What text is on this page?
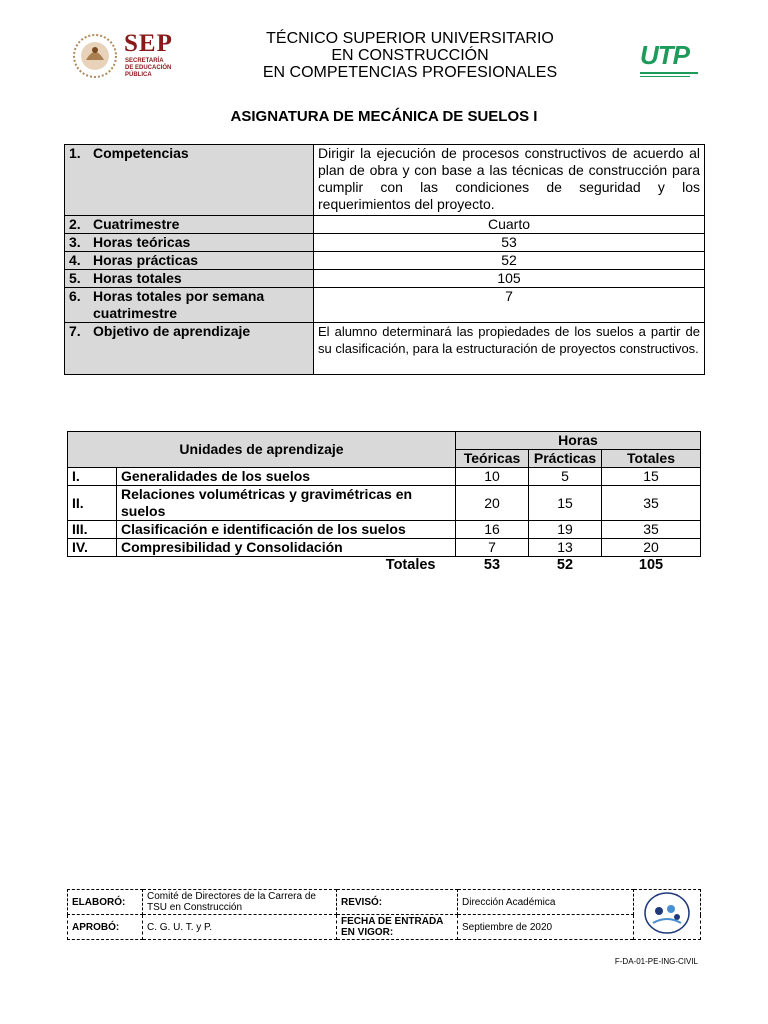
SEP
SECRETARÍA
DE EDUCACIÓN
PÚBLICA
TÉCNICO SUPERIOR UNIVERSITARIO
EN CONSTRUCCIÓN
EN COMPETENCIAS PROFESIONALES
UTP
ASIGNATURA DE MECÁNICA DE SUELOS I
1. Competencias	Dirigir la ejecución de procesos constructivos de acuerdo al plan de obra y con base a las técnicas de construcción para cumplir con las condiciones de seguridad y los requerimientos del proyecto.
2. Cuatrimestre	Cuarto
3. Horas teóricas	53
4. Horas prácticas	52
5. Horas totales	105
6. Horas totales por semana
cuatrimestre	7
7. Objetivo de aprendizaje	El alumno determinará las propiedades de los suelos a partir de su clasificación, para la estructuración de proyectos constructivos.
Unidades de aprendizaje		Horas		
		Teóricas	Prácticas	Totales
I.	Generalidades de los suelos	10	5	15
II.	Relaciones volumétricas y gravimétricas en suelos	20	15	35
III.	Clasificación e identificación de los suelos	16	19	35
IV.	Compresibilidad y Consolidación	7	13	20
	Totales	53	52	105
ELABORÓ:	Comité de Directores de la Carrera de TSU en Construcción	REVISÓ:	Dirección Académica	
APROBÓ:	C. G. U. T. y P.	FECHA DE ENTRADA EN VIGOR:	Septiembre de 2020	
F-DA-01-PE-ING-CIVIL
